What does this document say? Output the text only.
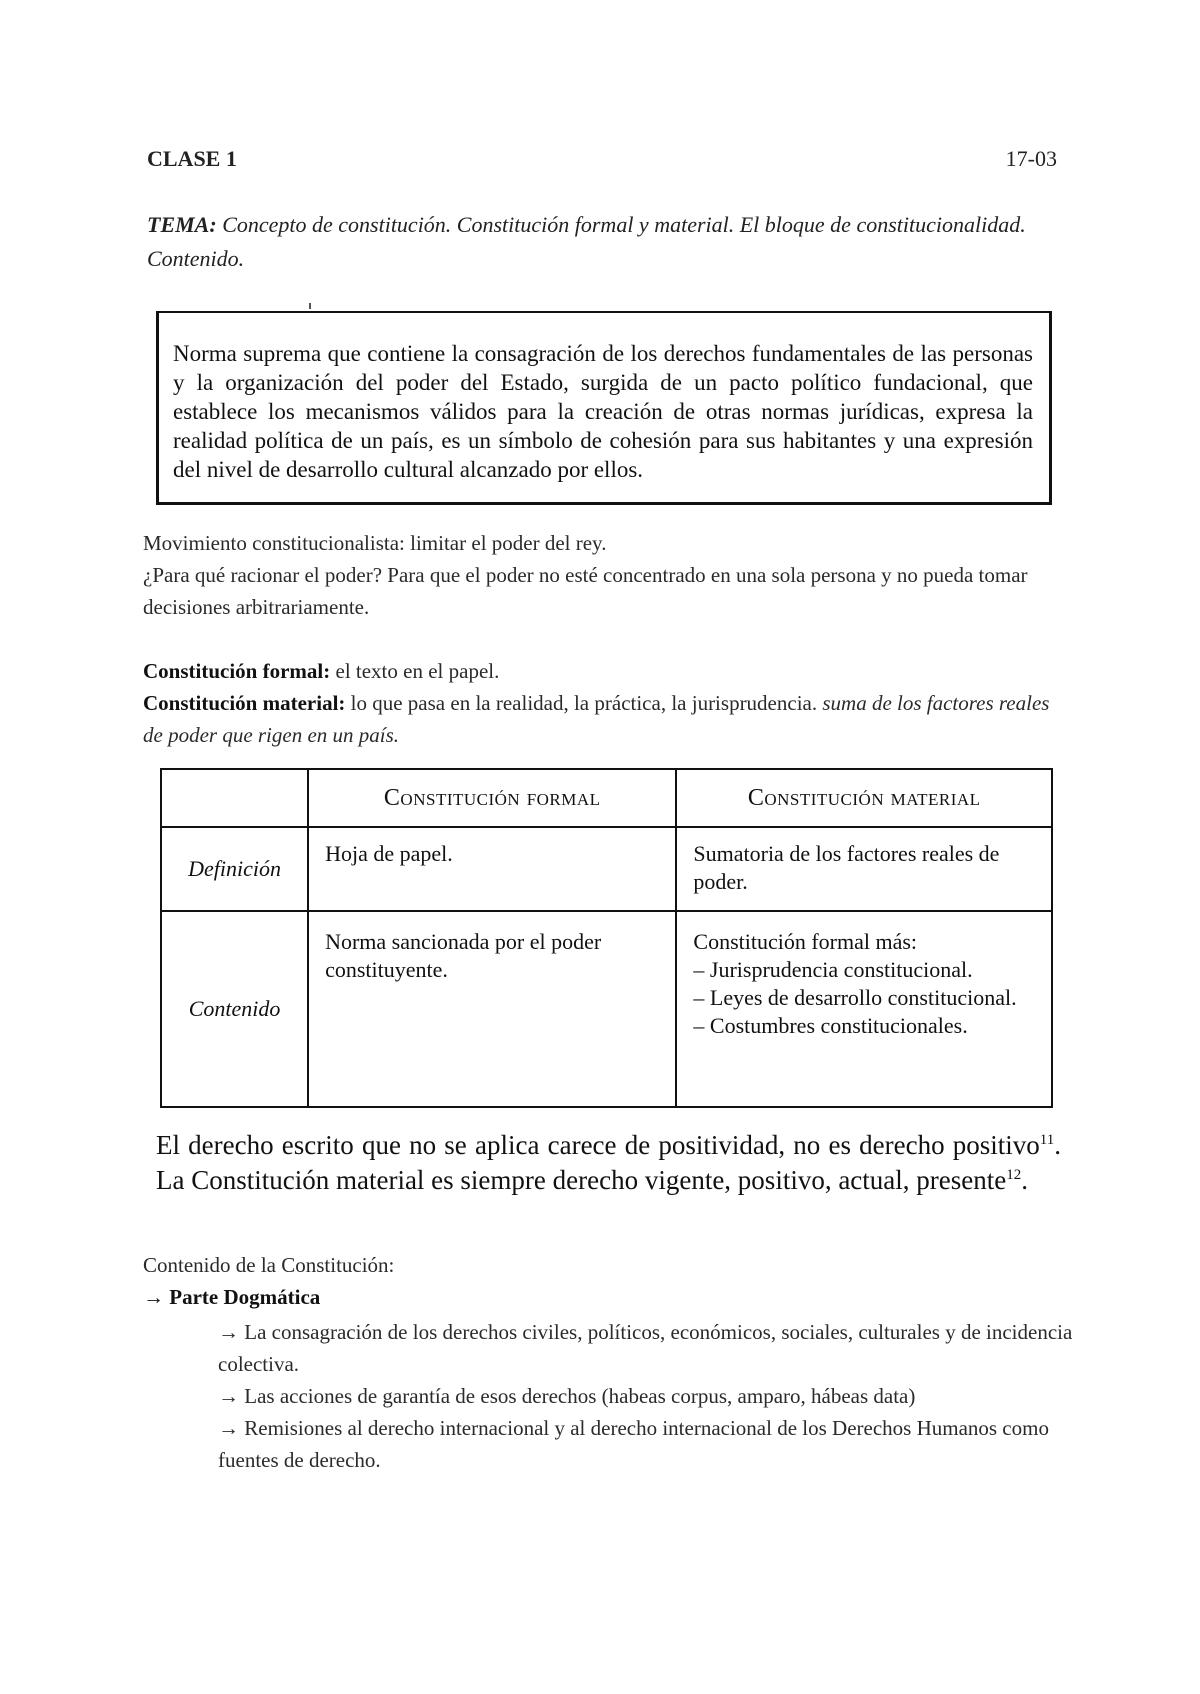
CLASE 1	17-03
TEMA: Concepto de constitución. Constitución formal y material. El bloque de constitucionalidad. Contenido.
Norma suprema que contiene la consagración de los derechos fundamentales de las personas y la organización del poder del Estado, surgida de un pacto político fundacional, que establece los mecanismos válidos para la creación de otras normas jurídicas, expresa la realidad política de un país, es un símbolo de cohesión para sus habitantes y una expresión del nivel de desarrollo cultural alcanzado por ellos.
Movimiento constitucionalista: limitar el poder del rey.
¿Para qué racionar el poder? Para que el poder no esté concentrado en una sola persona y no pueda tomar decisiones arbitrariamente.
Constitución formal: el texto en el papel.
Constitución material: lo que pasa en la realidad, la práctica, la jurisprudencia. suma de los factores reales de poder que rigen en un país.
	Constitución formal	Constitución material
Definición	Hoja de papel.	Sumatoria de los factores reales de poder.

Contenido	Norma sancionada por el poder constituyente.	Constitución formal más:
– Jurisprudencia constitucional.
– Leyes de desarrollo constitucional.
– Costumbres constitucionales.
El derecho escrito que no se aplica carece de positividad, no es derecho positivo$^{11}$. La Constitución material es siempre derecho vigente, positivo, actual, presente$^{12}$.
Contenido de la Constitución:
→ Parte Dogmática

→ La consagración de los derechos civiles, políticos, económicos, sociales, culturales y de incidencia colectiva.

→ Las acciones de garantía de esos derechos (habeas corpus, amparo, hábeas data)

→ Remisiones al derecho internacional y al derecho internacional de los Derechos Humanos como fuentes de derecho.
